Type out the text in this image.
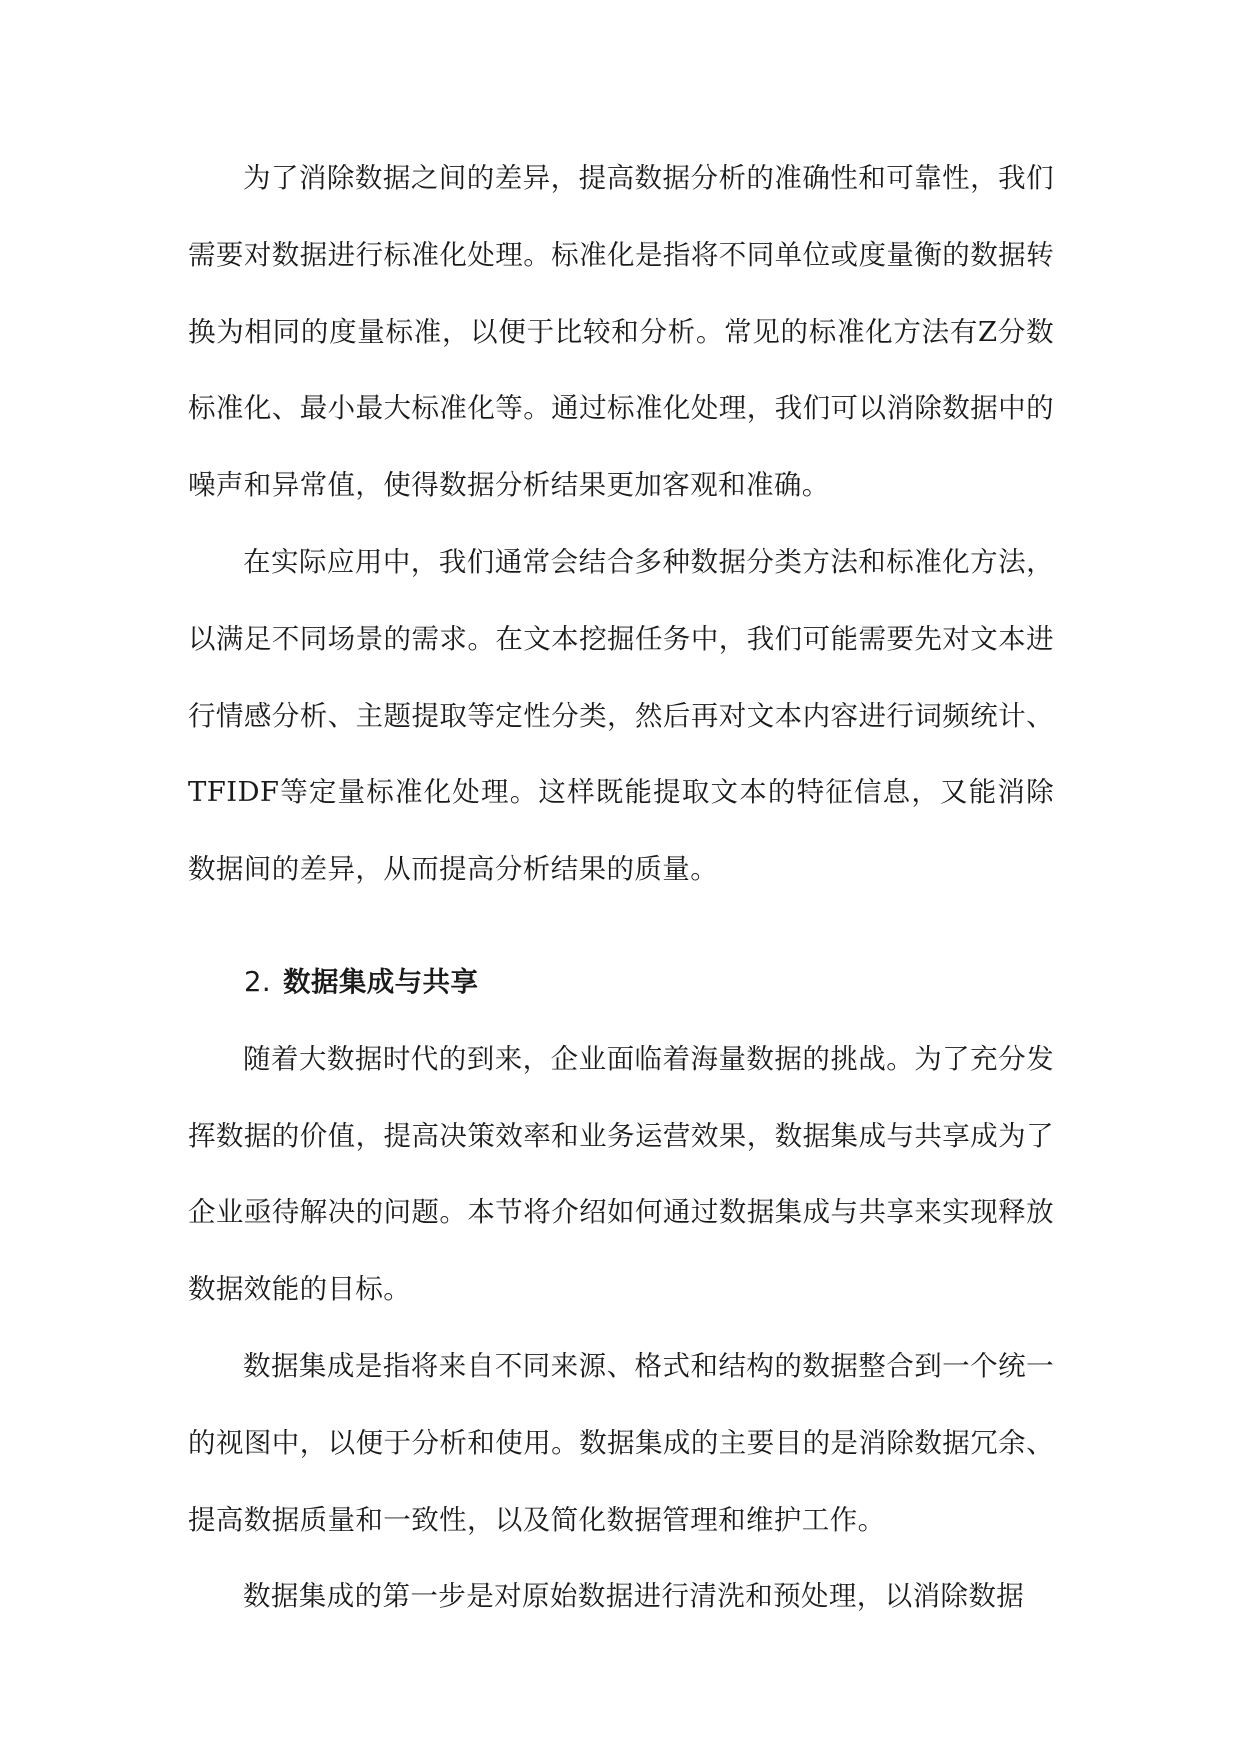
为了消除数据之间的差异，提高数据分析的准确性和可靠性，我们需要对数据进行标准化处理。标准化是指将不同单位或度量衡的数据转换为相同的度量标准，以便于比较和分析。常见的标准化方法有Z分数标准化、最小最大标准化等。通过标准化处理，我们可以消除数据中的噪声和异常值，使得数据分析结果更加客观和准确。

在实际应用中，我们通常会结合多种数据分类方法和标准化方法，以满足不同场景的需求。在文本挖掘任务中，我们可能需要先对文本进行情感分析、主题提取等定性分类，然后再对文本内容进行词频统计、TFIDF等定量标准化处理。这样既能提取文本的特征信息，又能消除数据间的差异，从而提高分析结果的质量。

2. 数据集成与共享

随着大数据时代的到来，企业面临着海量数据的挑战。为了充分发挥数据的价值，提高决策效率和业务运营效果，数据集成与共享成为了企业亟待解决的问题。本节将介绍如何通过数据集成与共享来实现释放数据效能的目标。

数据集成是指将来自不同来源、格式和结构的数据整合到一个统一的视图中，以便于分析和使用。数据集成的主要目的是消除数据冗余、提高数据质量和一致性，以及简化数据管理和维护工作。

数据集成的第一步是对原始数据进行清洗和预处理，以消除数据
